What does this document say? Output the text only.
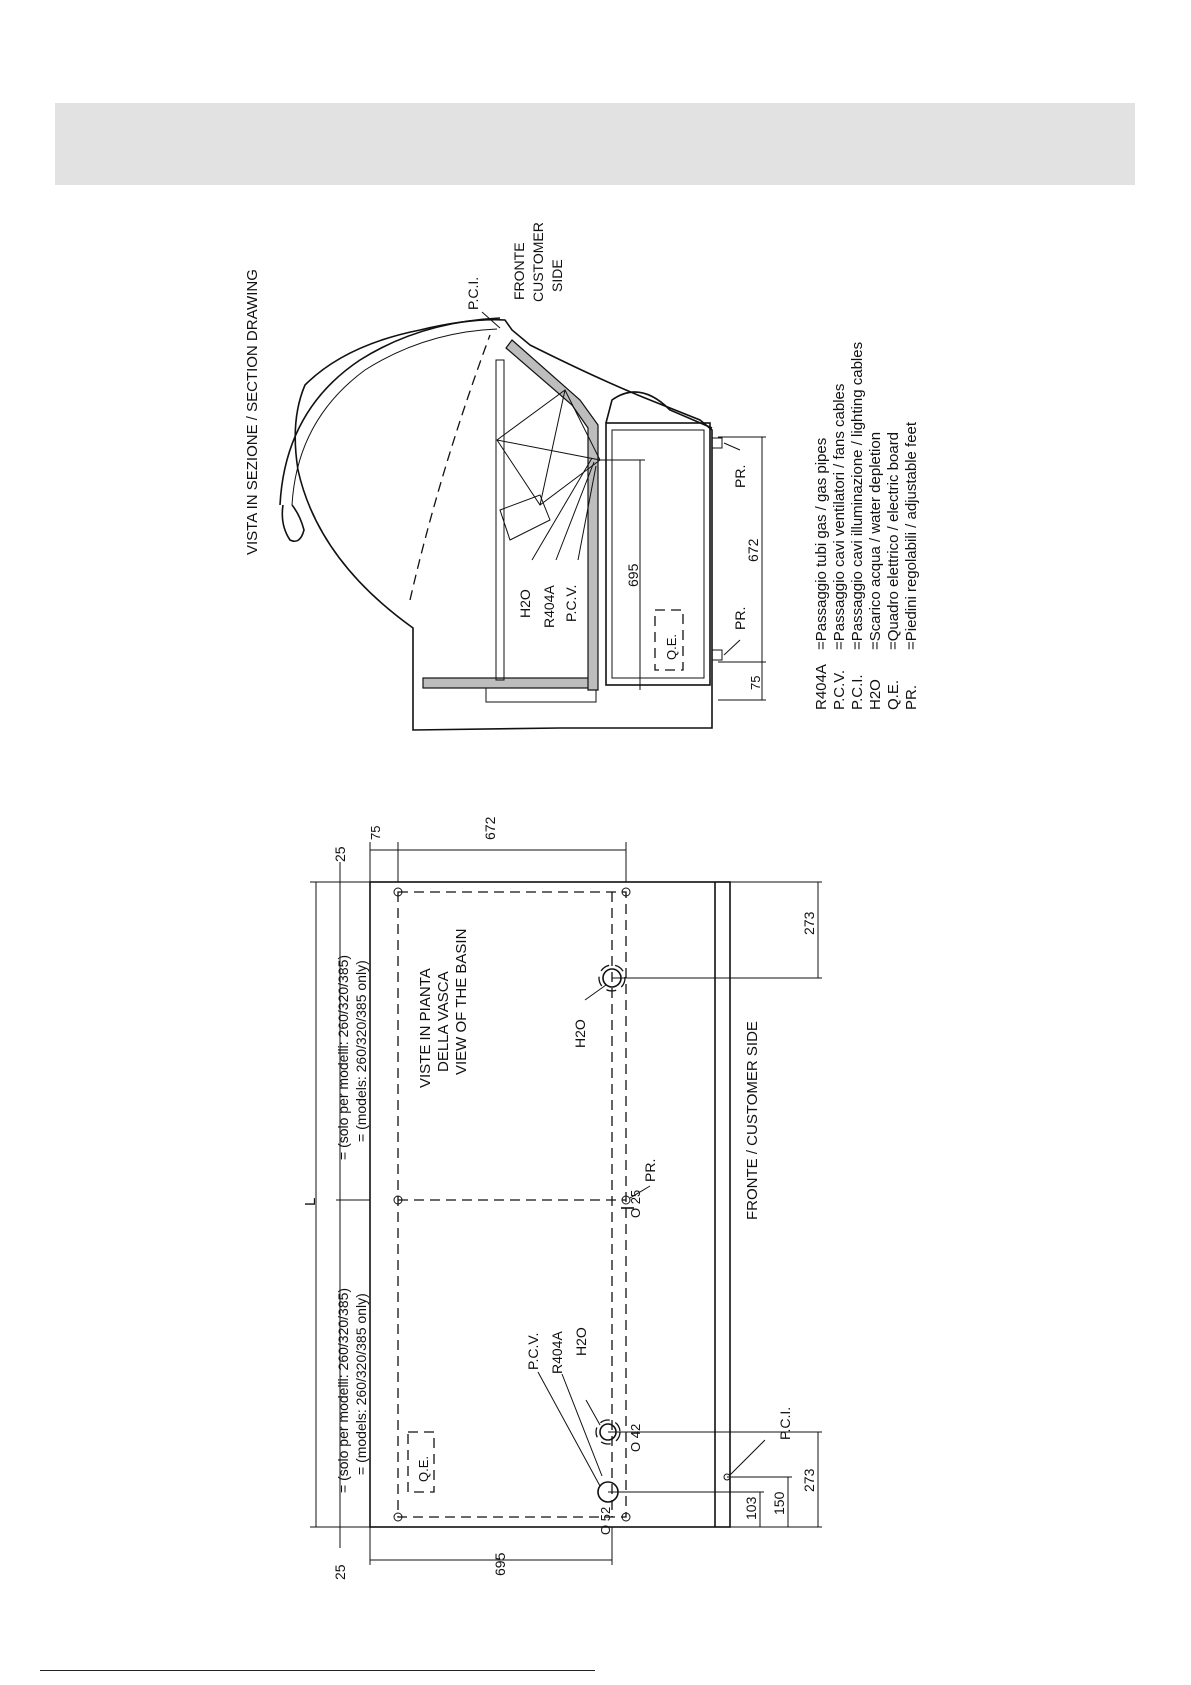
VISTA IN SEZIONE / SECTION DRAWING
Q.E.
P.C.I. FRONTE CUSTOMER SIDE
H2O R404A P.C.V.
695
672
75
PR.
PR.
R404A
=Passaggio tubi gas / gas pipes
P.C.V.
=Passaggio cavi ventilatori / fans cables
P.C.I.
=Passaggio cavi illuminazione / lighting cables
H2O
=Scarico acqua / water depletion
Q.E.
=Quadro elettrico / electric board
PR.
=Piedini regolabili / adjustable feet
Q.E.
VISTE IN PIANTA DELLA VASCA VIEW OF THE BASIN
FRONTE / CUSTOMER SIDE
L
25
25
= (solo per modelli: 260/320/385) = (models: 260/320/385 only)
= (solo per modelli: 260/320/385) = (models: 260/320/385 only)
75	672
695
O 52
273
273
150
103
H2O
PR.
O 25
P.C.V. R404A H2O
O 42	P.C.I.
